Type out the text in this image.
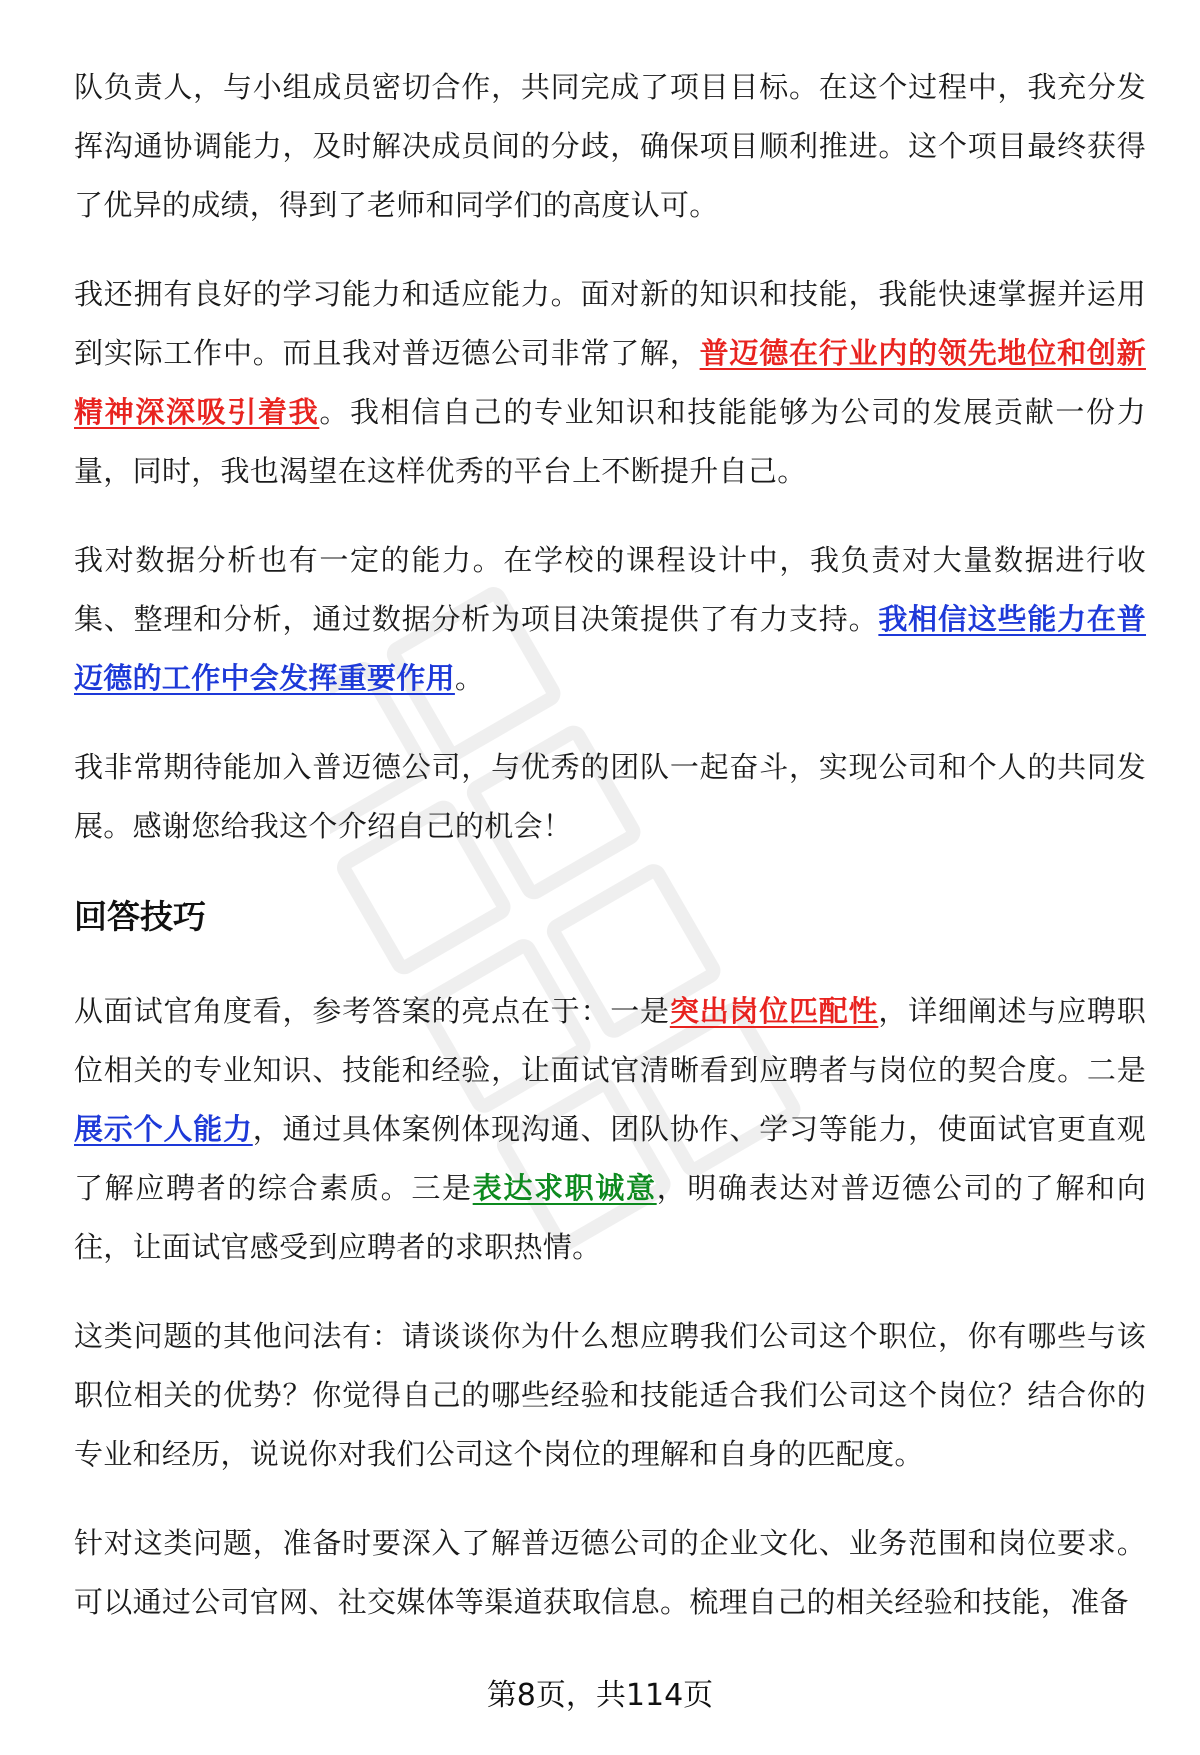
队负责人，与小组成员密切合作，共同完成了项目目标。在这个过程中，我充分发挥沟通协调能力，及时解决成员间的分歧，确保项目顺利推进。这个项目最终获得了优异的成绩，得到了老师和同学们的高度认可。

我还拥有良好的学习能力和适应能力。面对新的知识和技能，我能快速掌握并运用到实际工作中。而且我对普迈德公司非常了解，普迈德在行业内的领先地位和创新精神深深吸引着我。我相信自己的专业知识和技能能够为公司的发展贡献一份力量，同时，我也渴望在这样优秀的平台上不断提升自己。

我对数据分析也有一定的能力。在学校的课程设计中，我负责对大量数据进行收集、整理和分析，通过数据分析为项目决策提供了有力支持。我相信这些能力在普迈德的工作中会发挥重要作用。

我非常期待能加入普迈德公司，与优秀的团队一起奋斗，实现公司和个人的共同发展。感谢您给我这个介绍自己的机会！

回答技巧

从面试官角度看，参考答案的亮点在于：一是突出岗位匹配性，详细阐述与应聘职位相关的专业知识、技能和经验，让面试官清晰看到应聘者与岗位的契合度。二是展示个人能力，通过具体案例体现沟通、团队协作、学习等能力，使面试官更直观了解应聘者的综合素质。三是表达求职诚意，明确表达对普迈德公司的了解和向往，让面试官感受到应聘者的求职热情。

这类问题的其他问法有：请谈谈你为什么想应聘我们公司这个职位，你有哪些与该职位相关的优势？你觉得自己的哪些经验和技能适合我们公司这个岗位？结合你的专业和经历，说说你对我们公司这个岗位的理解和自身的匹配度。

针对这类问题，准备时要深入了解普迈德公司的企业文化、业务范围和岗位要求。可以通过公司官网、社交媒体等渠道获取信息。梳理自己的相关经验和技能，准备

第8页，共114页
